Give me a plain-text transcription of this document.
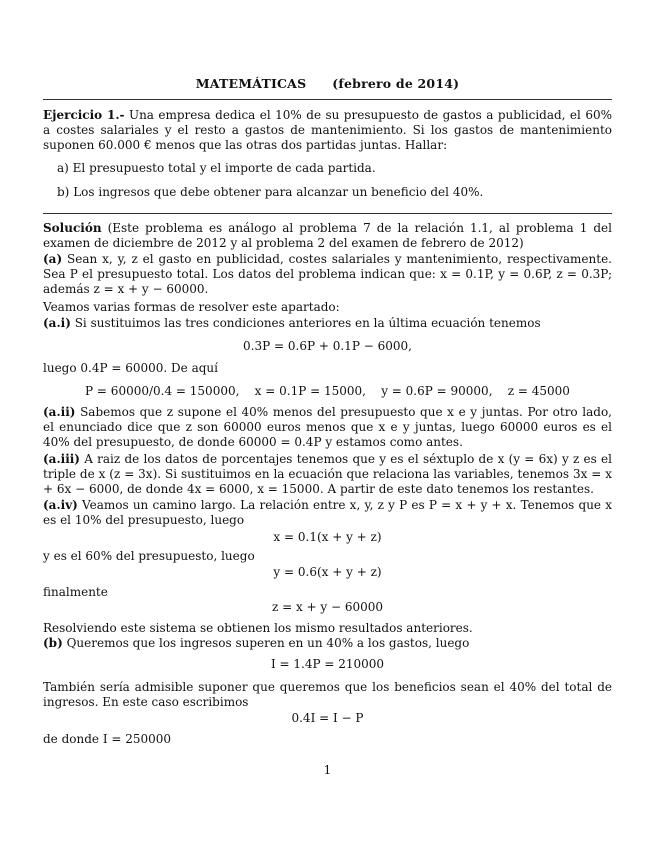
MATEMÁTICAS (febrero de 2014)
Ejercicio 1.- Una empresa dedica el 10% de su presupuesto de gastos a publicidad, el 60% a costes salariales y el resto a gastos de mantenimiento. Si los gastos de mantenimiento suponen 60.000 € menos que las otras dos partidas juntas. Hallar:
a) El presupuesto total y el importe de cada partida.
b) Los ingresos que debe obtener para alcanzar un beneficio del 40%.
Solución (Este problema es análogo al problema 7 de la relación 1.1, al problema 1 del examen de diciembre de 2012 y al problema 2 del examen de febrero de 2012)
(a) Sean x, y, z el gasto en publicidad, costes salariales y mantenimiento, respectivamente. Sea P el presupuesto total. Los datos del problema indican que: x = 0.1P, y = 0.6P, z = 0.3P; además z = x + y − 60000.
Veamos varias formas de resolver este apartado:
(a.i) Si sustituimos las tres condiciones anteriores en la última ecuación tenemos
0.3P = 0.6P + 0.1P − 6000,
luego 0.4P = 60000. De aquí
P = 60000/0.4 = 150000,    x = 0.1P = 15000,    y = 0.6P = 90000,    z = 45000
(a.ii) Sabemos que z supone el 40% menos del presupuesto que x e y juntas. Por otro lado, el enunciado dice que z son 60000 euros menos que x e y juntas, luego 60000 euros es el 40% del presupuesto, de donde 60000 = 0.4P y estamos como antes.
(a.iii) A raiz de los datos de porcentajes tenemos que y es el séxtuplo de x (y = 6x) y z es el triple de x (z = 3x). Si sustituimos en la ecuación que relaciona las variables, tenemos 3x = x + 6x − 6000, de donde 4x = 6000, x = 15000. A partir de este dato tenemos los restantes.
(a.iv) Veamos un camino largo. La relación entre x, y, z y P es P = x + y + x. Tenemos que x es el 10% del presupuesto, luego
x = 0.1(x + y + z)
y es el 60% del presupuesto, luego
y = 0.6(x + y + z)
finalmente
z = x + y − 60000
Resolviendo este sistema se obtienen los mismo resultados anteriores.
(b) Queremos que los ingresos superen en un 40% a los gastos, luego
I = 1.4P = 210000
También sería admisible suponer que queremos que los beneficios sean el 40% del total de ingresos. En este caso escribimos
0.4I = I − P
de donde I = 250000
1
